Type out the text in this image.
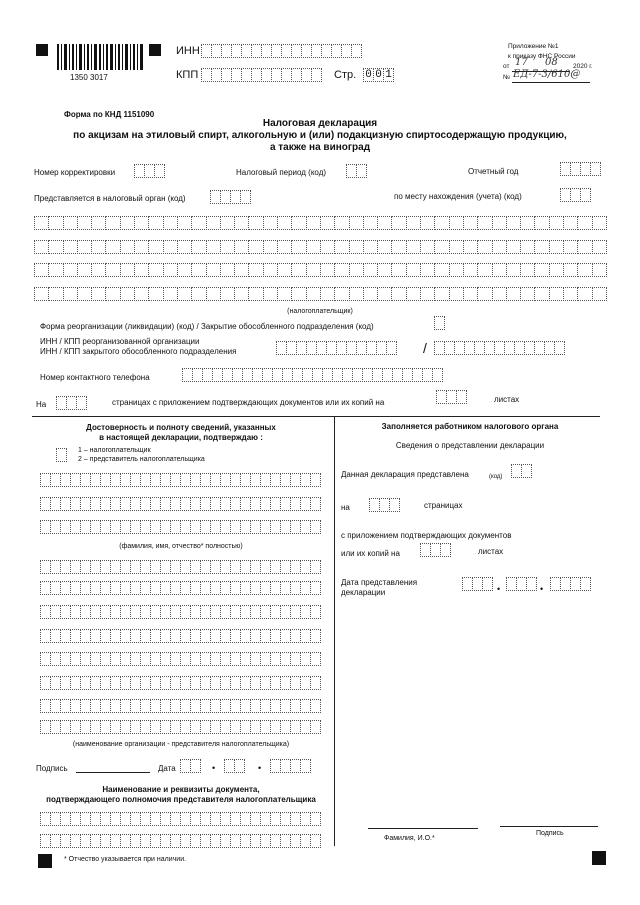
1350 3017
ИНН
КПП	Стр. 0 0 1
Приложение №1
к приказу ФНС России
от 17 08 2020 г.
№ ЕД-7-3/610@
Форма по КНД 1151090
Налоговая декларация
по акцизам на этиловый спирт, алкогольную и (или) подакцизную спиртосодержащую продукцию,
а также на виноград
Номер корректировки	Налоговый период (код)	Отчетный год
Представляется в налоговый орган (код)	по месту нахождения (учета) (код)
(налогоплательщик)
Форма реорганизации (ликвидации) (код) / Закрытие обособленного подразделения (код)
ИНН / КПП реорганизованной организации
ИНН / КПП закрытого обособленного подразделения	/
Номер контактного телефона
На	страницах с приложением подтверждающих документов или их копий на	листах
Достоверность и полноту сведений, указанных
в настоящей декларации, подтверждаю :
1 – налогоплательщик
2 – представитель налогоплательщика
(фамилия, имя, отчество* полностью)
(наименование организации - представителя налогоплательщика)
Подпись	Дата	•	•
Наименование и реквизиты документа,
подтверждающего полномочия представителя налогоплательщика
Заполняется работником налогового органа
Сведения о представлении декларации
Данная декларация представлена	(код)
на	страницах
с приложением подтверждающих документов
или их копий на	листах
Дата представления
декларации	•	•
Фамилия, И.О.*
Подпись
* Отчество указывается при наличии.
